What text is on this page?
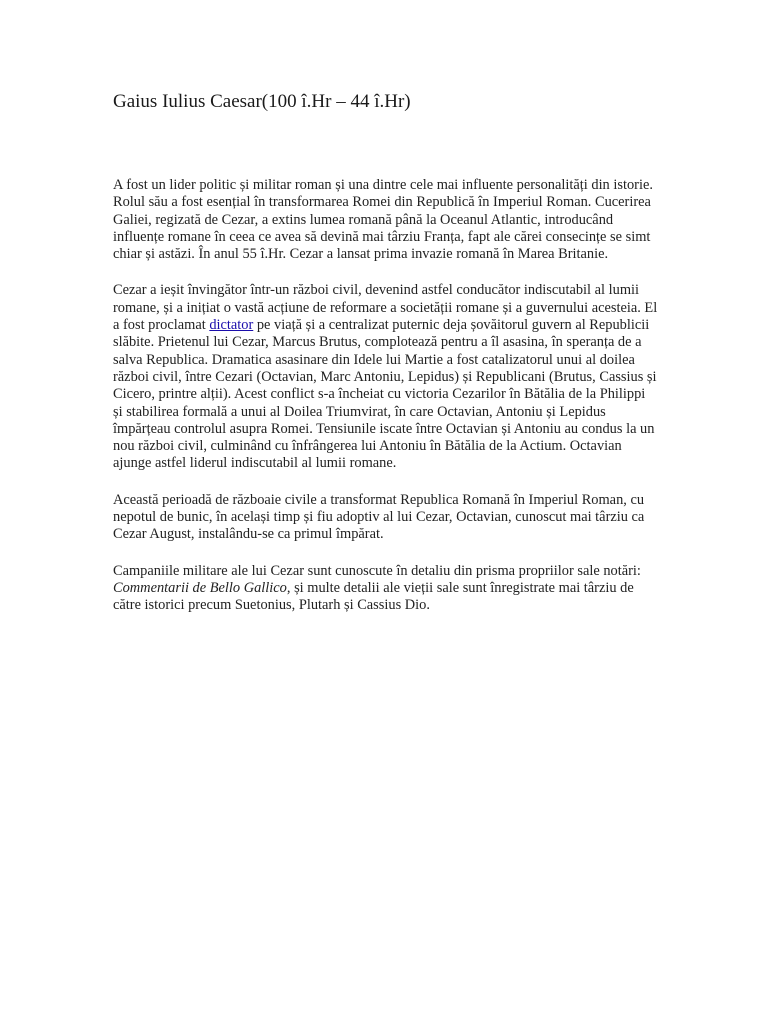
Gaius Iulius Caesar(100 î.Hr – 44 î.Hr)

A fost un lider politic și militar roman și una dintre cele mai influente personalități din istorie. Rolul său a fost esențial în transformarea Romei din Republică în Imperiul Roman. Cucerirea Galiei, regizată de Cezar, a extins lumea romană până la Oceanul Atlantic, introducând influențe romane în ceea ce avea să devină mai târziu Franța, fapt ale cărei consecințe se simt chiar și astăzi. În anul 55 î.Hr. Cezar a lansat prima invazie romană în Marea Britanie.

Cezar a ieșit învingător într-un război civil, devenind astfel conducător indiscutabil al lumii romane, și a inițiat o vastă acțiune de reformare a societății romane și a guvernului acesteia. El a fost proclamat dictator pe viață și a centralizat puternic deja șovăitorul guvern al Republicii slăbite. Prietenul lui Cezar, Marcus Brutus, complotează pentru a îl asasina, în speranța de a salva Republica. Dramatica asasinare din Idele lui Martie a fost catalizatorul unui al doilea război civil, între Cezari (Octavian, Marc Antoniu, Lepidus) și Republicani (Brutus, Cassius și Cicero, printre alții). Acest conflict s-a încheiat cu victoria Cezarilor în Bătălia de la Philippi și stabilirea formală a unui al Doilea Triumvirat, în care Octavian, Antoniu și Lepidus împărțeau controlul asupra Romei. Tensiunile iscate între Octavian și Antoniu au condus la un nou război civil, culminând cu înfrângerea lui Antoniu în Bătălia de la Actium. Octavian ajunge astfel liderul indiscutabil al lumii romane.

Această perioadă de războaie civile a transformat Republica Romană în Imperiul Roman, cu nepotul de bunic, în același timp și fiu adoptiv al lui Cezar, Octavian, cunoscut mai târziu ca Cezar August, instalându-se ca primul împărat.

Campaniile militare ale lui Cezar sunt cunoscute în detaliu din prisma propriilor sale notări: Commentarii de Bello Gallico, și multe detalii ale vieții sale sunt înregistrate mai târziu de către istorici precum Suetonius, Plutarh și Cassius Dio.
